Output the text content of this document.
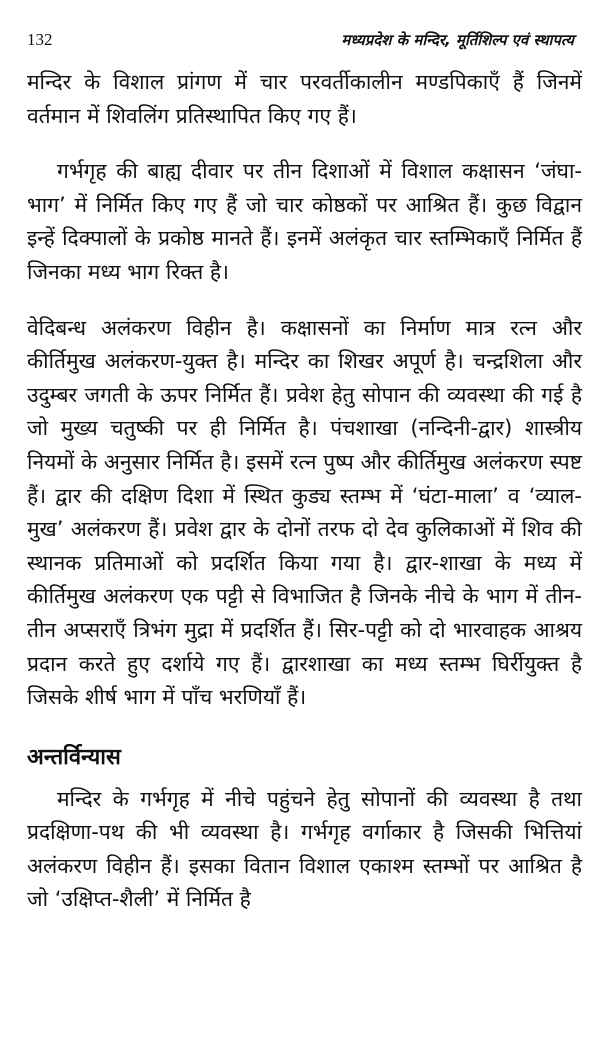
132	मध्यप्रदेश के मन्दिर, मूर्तिशिल्प एवं स्थापत्य

मन्दिर के विशाल प्रांगण में चार परवर्तीकालीन मण्डपिकाएँ हैं जिनमें वर्तमान में शिवलिंग प्रतिस्थापित किए गए हैं।

गर्भगृह की बाह्य दीवार पर तीन दिशाओं में विशाल कक्षासन ‘जंघा-भाग’ में निर्मित किए गए हैं जो चार कोष्ठकों पर आश्रित हैं। कुछ विद्वान इन्हें दिक्पालों के प्रकोष्ठ मानते हैं। इनमें अलंकृत चार स्तम्भिकाएँ निर्मित हैं जिनका मध्य भाग रिक्त है।

वेदिबन्ध अलंकरण विहीन है। कक्षासनों का निर्माण मात्र रत्न और कीर्तिमुख अलंकरण-युक्त है। मन्दिर का शिखर अपूर्ण है। चन्द्रशिला और उदुम्बर जगती के ऊपर निर्मित हैं। प्रवेश हेतु सोपान की व्यवस्था की गई है जो मुख्य चतुष्की पर ही निर्मित है। पंचशाखा (नन्दिनी-द्वार) शास्त्रीय नियमों के अनुसार निर्मित है। इसमें रत्न पुष्प और कीर्तिमुख अलंकरण स्पष्ट हैं। द्वार की दक्षिण दिशा में स्थित कुड्य स्तम्भ में ‘घंटा-माला’ व ‘व्याल-मुख’ अलंकरण हैं। प्रवेश द्वार के दोनों तरफ दो देव कुलिकाओं में शिव की स्थानक प्रतिमाओं को प्रदर्शित किया गया है। द्वार-शाखा के मध्य में कीर्तिमुख अलंकरण एक पट्टी से विभाजित है जिनके नीचे के भाग में तीन-तीन अप्सराएँ त्रिभंग मुद्रा में प्रदर्शित हैं। सिर-पट्टी को दो भारवाहक आश्रय प्रदान करते हुए दर्शाये गए हैं। द्वारशाखा का मध्य स्तम्भ घिर्रीयुक्त है जिसके शीर्ष भाग में पाँच भरणियाँ हैं।

अन्तर्विन्यास

मन्दिर के गर्भगृह में नीचे पहुंचने हेतु सोपानों की व्यवस्था है तथा प्रदक्षिणा-पथ की भी व्यवस्था है। गर्भगृह वर्गाकार है जिसकी भित्तियां अलंकरण विहीन हैं। इसका वितान विशाल एकाश्म स्तम्भों पर आश्रित है जो ‘उक्षिप्त-शैली’ में निर्मित है
